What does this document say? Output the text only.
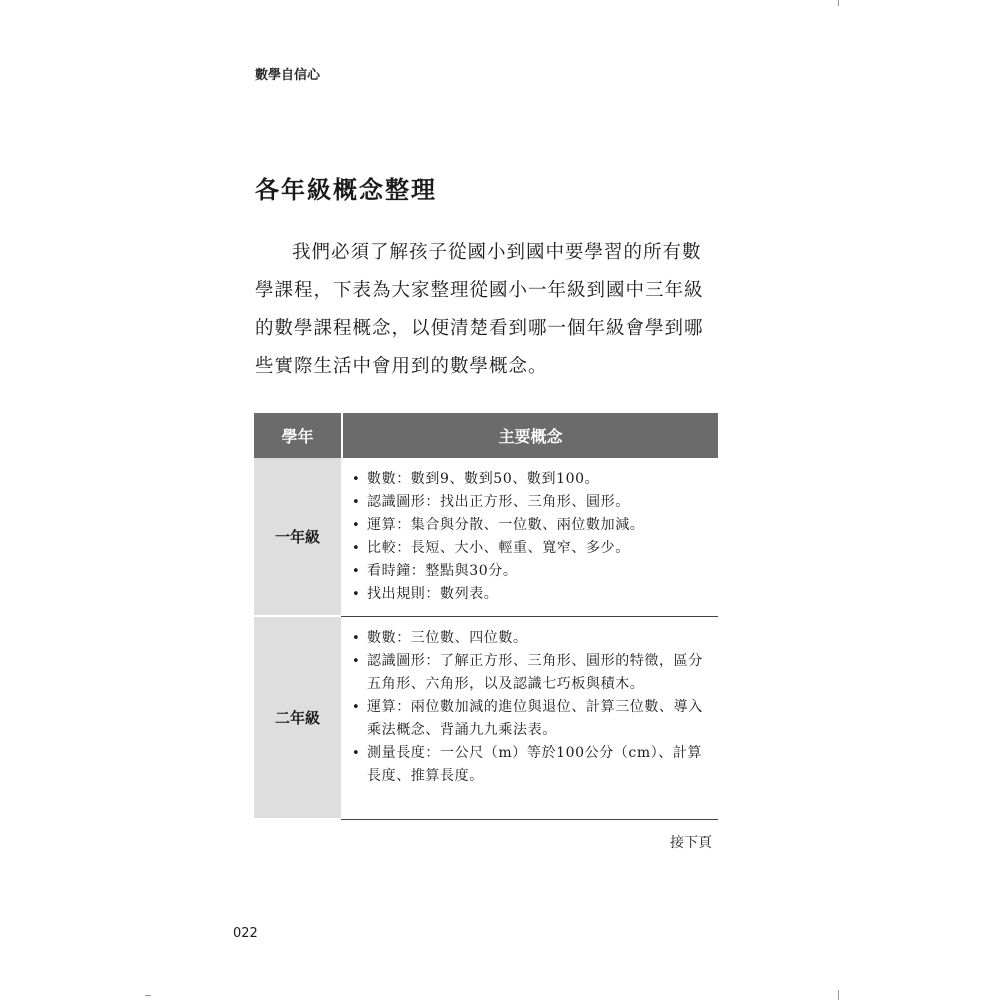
數學自信心
各年級概念整理

我們必須了解孩子從國小到國中要學習的所有數學課程，下表為大家整理從國小一年級到國中三年級的數學課程概念，以便清楚看到哪一個年級會學到哪些實際生活中會用到的數學概念。

學年	主要概念
一年級
• 數數：數到9、數到50、數到100。
• 認識圖形：找出正方形、三角形、圓形。
• 運算：集合與分散、一位數、兩位數加減。
• 比較：長短、大小、輕重、寬窄、多少。
• 看時鐘：整點與30分。
• 找出規則：數列表。
二年級
• 數數：三位數、四位數。
• 認識圖形：了解正方形、三角形、圓形的特徵，區分五角形、六角形，以及認識七巧板與積木。
• 運算：兩位數加減的進位與退位、計算三位數、導入乘法概念、背誦九九乘法表。
• 測量長度：一公尺（m）等於100公分（cm）、計算長度、推算長度。
接下頁
022
